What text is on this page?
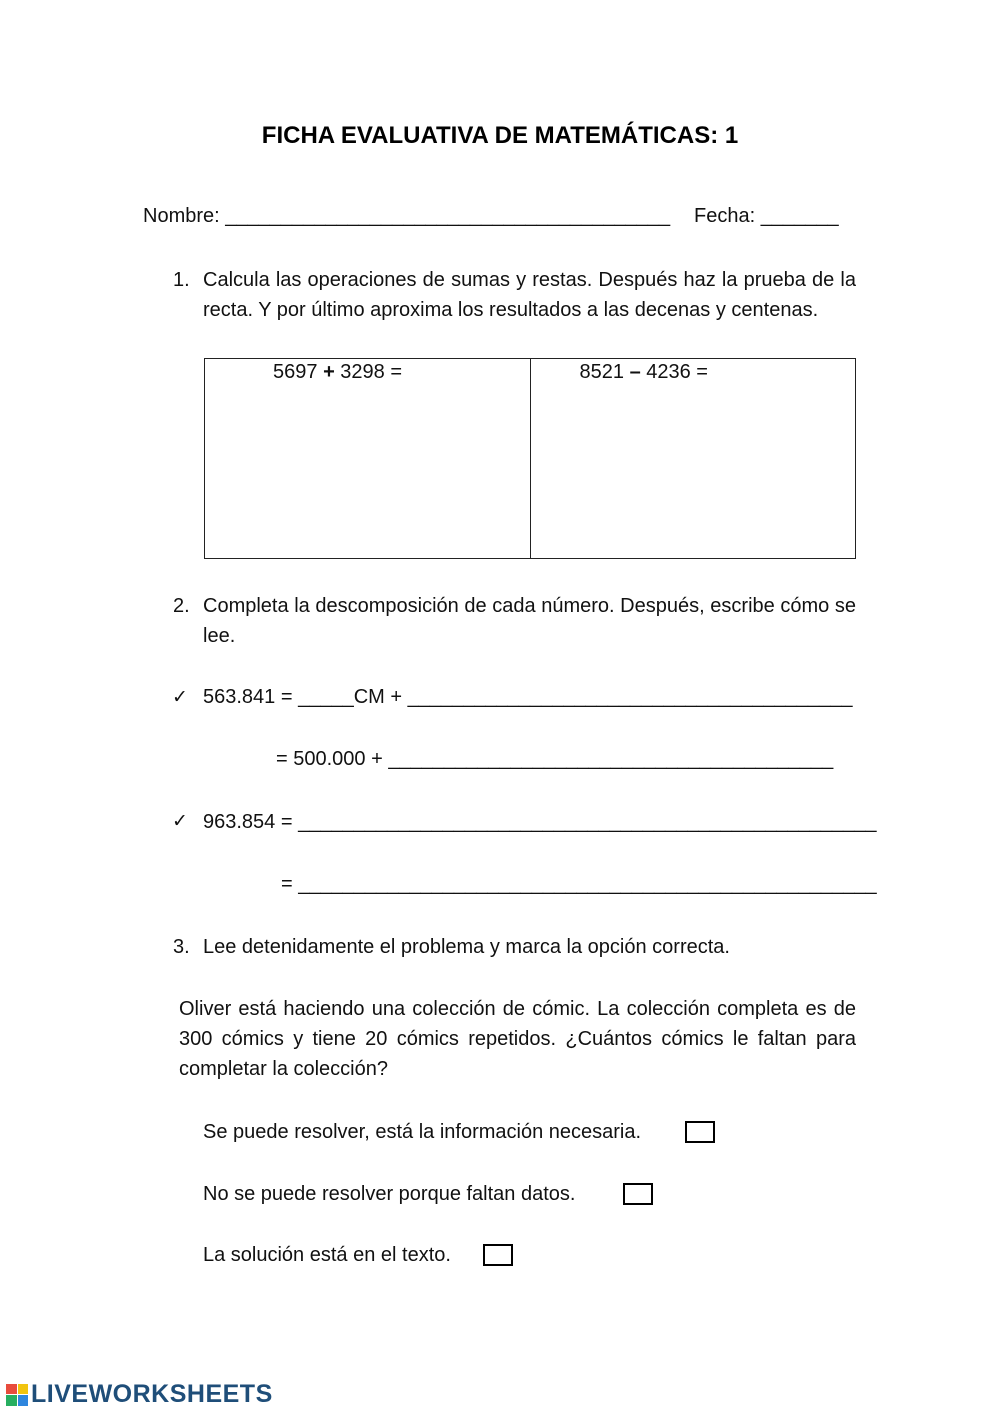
FICHA EVALUATIVA DE MATEMÁTICAS: 1
Nombre: ________________________________________ Fecha: _______
1. Calcula las operaciones de sumas y restas. Después haz la prueba de la recta. Y por último aproxima los resultados a las decenas y centenas.
5697 + 3298 =	8521 – 4236 =
2. Completa la descomposición de cada número. Después, escribe cómo se lee.
✓ 563.841 = _____CM + ________________________________________
= 500.000 + ________________________________________
✓ 963.854 = ____________________________________________________
= ____________________________________________________
3. Lee detenidamente el problema y marca la opción correcta.
Oliver está haciendo una colección de cómic. La colección completa es de 300 cómics y tiene 20 cómics repetidos. ¿Cuántos cómics le faltan para completar la colección?
Se puede resolver, está la información necesaria.
No se puede resolver porque faltan datos.
La solución está en el texto.
LIVEWORKSHEETS
